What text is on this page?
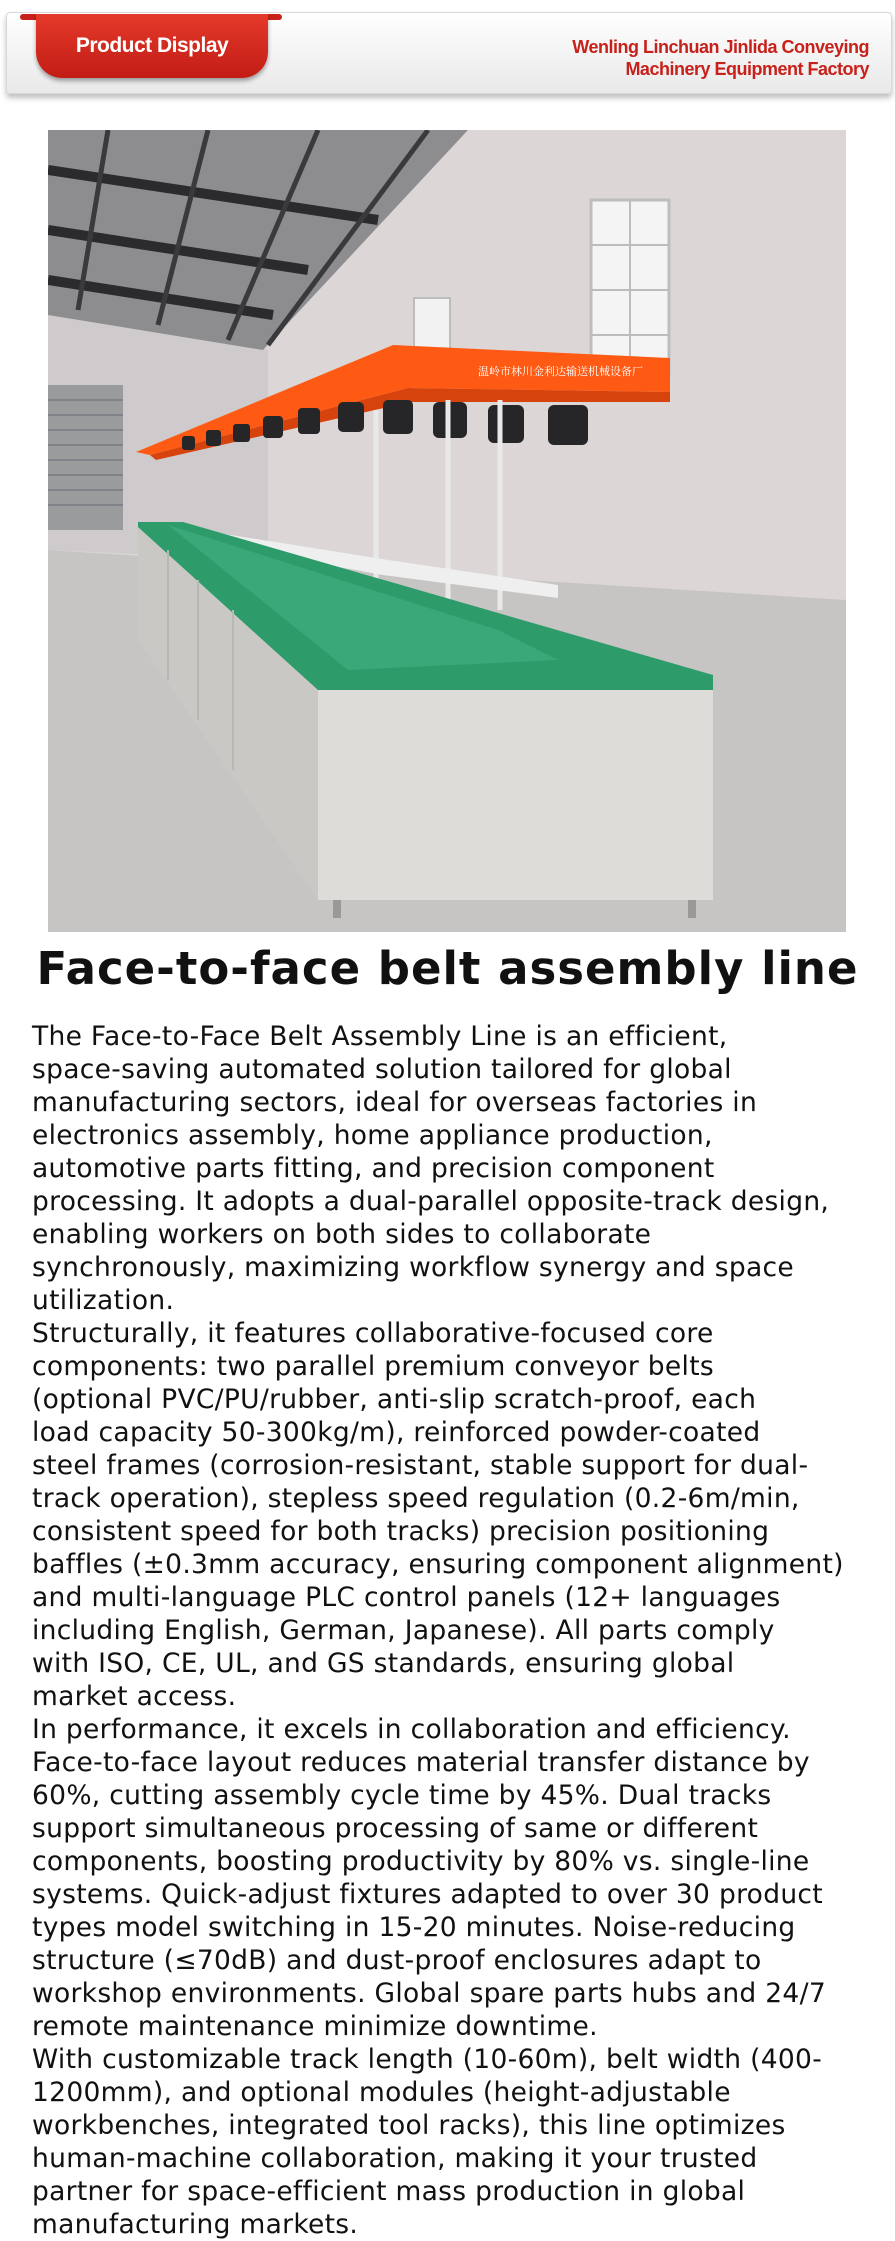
Product Display	Wenling Linchuan Jinlida Conveying
Machinery Equipment Factory
温岭市林川金利达输送机械设备厂
Face-to-face belt assembly line
The Face-to-Face Belt Assembly Line is an efficient,
space-saving automated solution tailored for global
manufacturing sectors, ideal for overseas factories in
electronics assembly, home appliance production,
automotive parts fitting, and precision component
processing. It adopts a dual-parallel opposite-track design,
enabling workers on both sides to collaborate
synchronously, maximizing workflow synergy and space
utilization.
Structurally, it features collaborative-focused core
components: two parallel premium conveyor belts
(optional PVC/PU/rubber, anti-slip scratch-proof, each
load capacity 50-300kg/m), reinforced powder-coated
steel frames (corrosion-resistant, stable support for dual-
track operation), stepless speed regulation (0.2-6m/min,
consistent speed for both tracks) precision positioning
baffles (±0.3mm accuracy, ensuring component alignment)
and multi-language PLC control panels (12+ languages
including English, German, Japanese). All parts comply
with ISO, CE, UL, and GS standards, ensuring global
market access.
In performance, it excels in collaboration and efficiency.
Face-to-face layout reduces material transfer distance by
60%, cutting assembly cycle time by 45%. Dual tracks
support simultaneous processing of same or different
components, boosting productivity by 80% vs. single-line
systems. Quick-adjust fixtures adapted to over 30 product
types model switching in 15-20 minutes. Noise-reducing
structure (≤70dB) and dust-proof enclosures adapt to
workshop environments. Global spare parts hubs and 24/7
remote maintenance minimize downtime.
With customizable track length (10-60m), belt width (400-
1200mm), and optional modules (height-adjustable
workbenches, integrated tool racks), this line optimizes
human-machine collaboration, making it your trusted
partner for space-efficient mass production in global
manufacturing markets.
